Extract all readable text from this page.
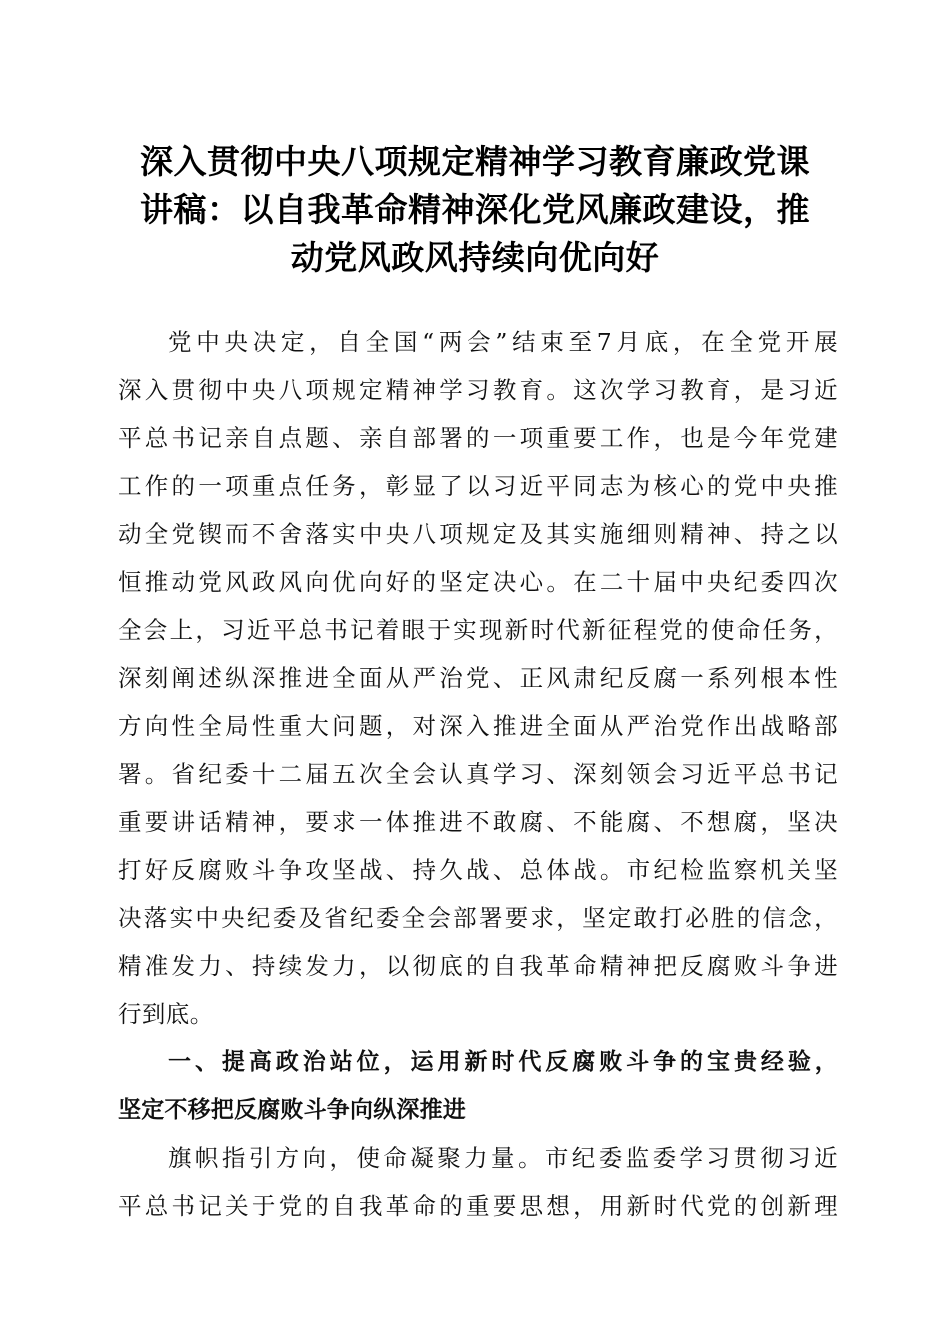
深入贯彻中央八项规定精神学习教育廉政党课
讲稿：以自我革命精神深化党风廉政建设，推
动党风政风持续向优向好
党中央决定，自全国“两会”结束至7月底，在全党开展
深入贯彻中央八项规定精神学习教育。这次学习教育，是习近
平总书记亲自点题、亲自部署的一项重要工作，也是今年党建
工作的一项重点任务，彰显了以习近平同志为核心的党中央推
动全党锲而不舍落实中央八项规定及其实施细则精神、持之以
恒推动党风政风向优向好的坚定决心。在二十届中央纪委四次
全会上，习近平总书记着眼于实现新时代新征程党的使命任务，
深刻阐述纵深推进全面从严治党、正风肃纪反腐一系列根本性
方向性全局性重大问题，对深入推进全面从严治党作出战略部
署。省纪委十二届五次全会认真学习、深刻领会习近平总书记
重要讲话精神，要求一体推进不敢腐、不能腐、不想腐，坚决
打好反腐败斗争攻坚战、持久战、总体战。市纪检监察机关坚
决落实中央纪委及省纪委全会部署要求，坚定敢打必胜的信念，
精准发力、持续发力，以彻底的自我革命精神把反腐败斗争进
行到底。
一、提高政治站位，运用新时代反腐败斗争的宝贵经验，
坚定不移把反腐败斗争向纵深推进
旗帜指引方向，使命凝聚力量。市纪委监委学习贯彻习近
平总书记关于党的自我革命的重要思想，用新时代党的创新理
